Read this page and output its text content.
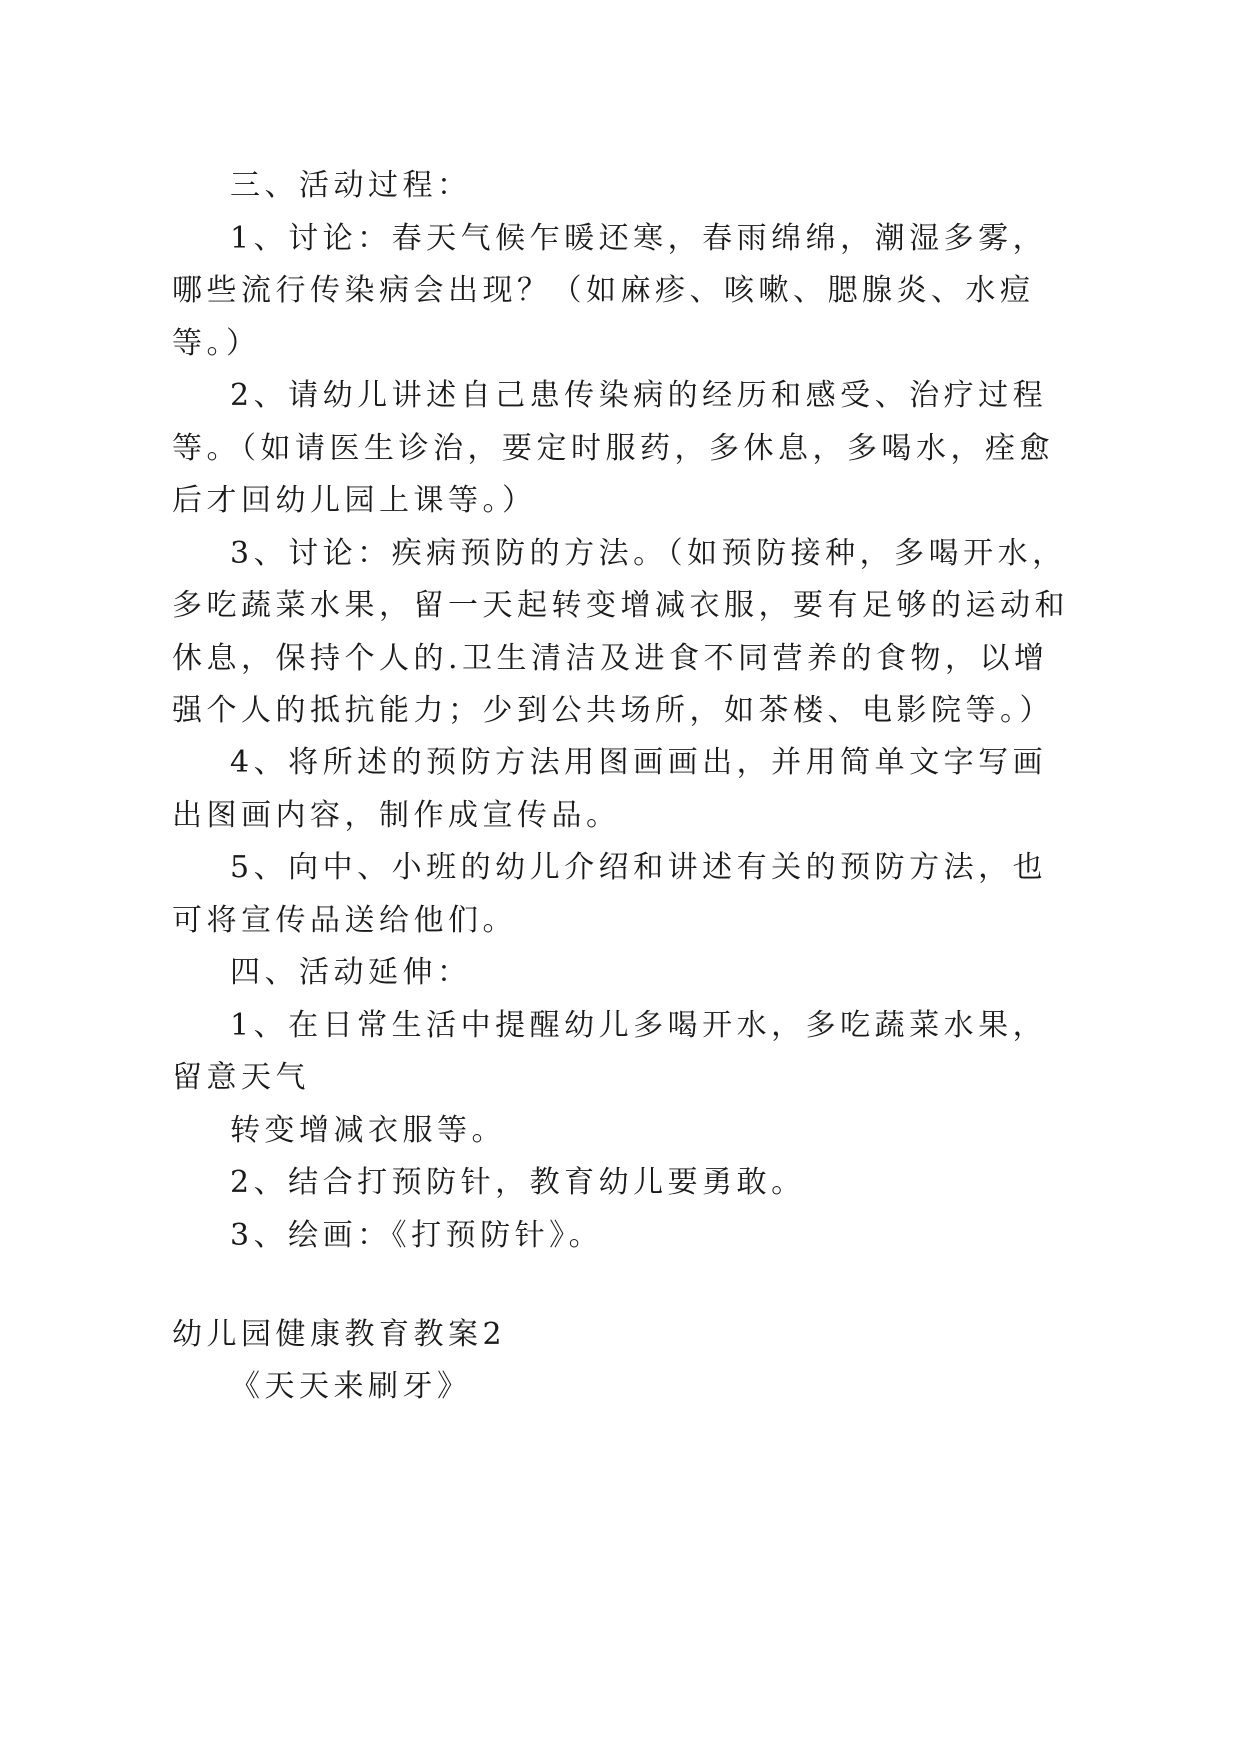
三、活动过程：
1、讨论：春天气候乍暖还寒，春雨绵绵，潮湿多雾，
哪些流行传染病会出现？（如麻疹、咳嗽、腮腺炎、水痘
等。）
2、请幼儿讲述自己患传染病的经历和感受、治疗过程
等。（如请医生诊治，要定时服药，多休息，多喝水，痊愈
后才回幼儿园上课等。）
3、讨论：疾病预防的方法。（如预防接种，多喝开水，
多吃蔬菜水果，留一天起转变增减衣服，要有足够的运动和
休息，保持个人的.卫生清洁及进食不同营养的食物，以增
强个人的抵抗能力；少到公共场所，如茶楼、电影院等。）
4、将所述的预防方法用图画画出，并用简单文字写画
出图画内容，制作成宣传品。
5、向中、小班的幼儿介绍和讲述有关的预防方法，也
可将宣传品送给他们。
四、活动延伸：
1、在日常生活中提醒幼儿多喝开水，多吃蔬菜水果，
留意天气
转变增减衣服等。
2、结合打预防针，教育幼儿要勇敢。
3、绘画：《打预防针》。
幼儿园健康教育教案2
《天天来刷牙》
